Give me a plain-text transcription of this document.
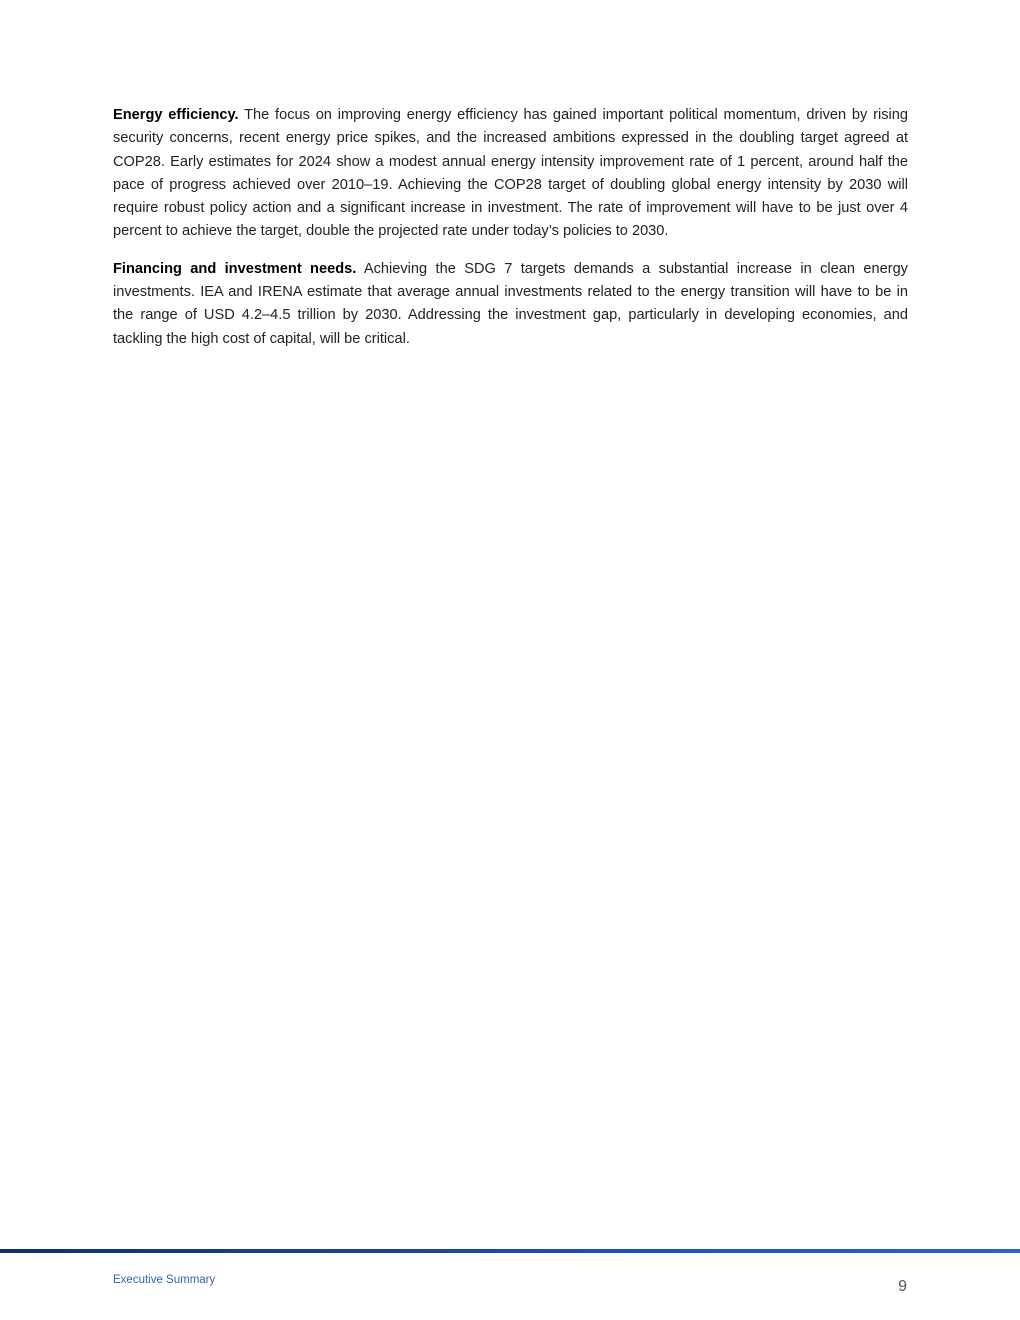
Energy efficiency. The focus on improving energy efficiency has gained important political momentum, driven by rising security concerns, recent energy price spikes, and the increased ambitions expressed in the doubling target agreed at COP28. Early estimates for 2024 show a modest annual energy intensity improvement rate of 1 percent, around half the pace of progress achieved over 2010–19. Achieving the COP28 target of doubling global energy intensity by 2030 will require robust policy action and a significant increase in investment. The rate of improvement will have to be just over 4 percent to achieve the target, double the projected rate under today’s policies to 2030.

Financing and investment needs. Achieving the SDG 7 targets demands a substantial increase in clean energy investments. IEA and IRENA estimate that average annual investments related to the energy transition will have to be in the range of USD 4.2–4.5 trillion by 2030. Addressing the investment gap, particularly in developing economies, and tackling the high cost of capital, will be critical.

Executive Summary	9
